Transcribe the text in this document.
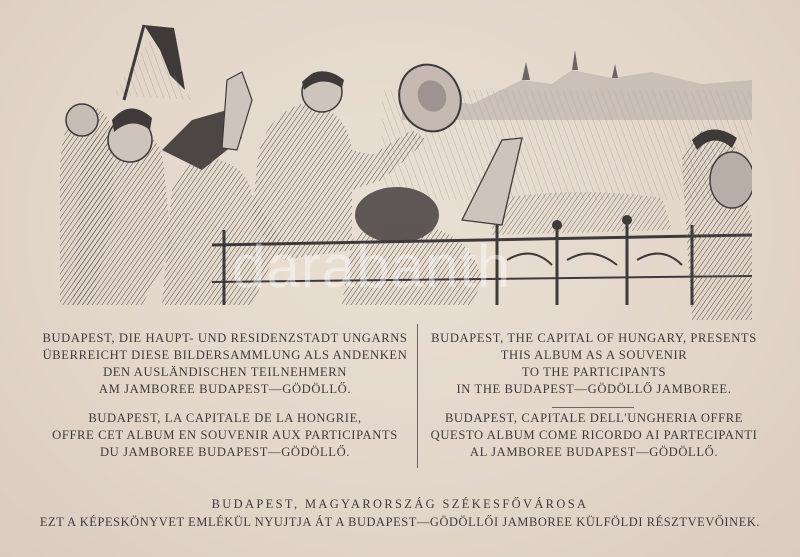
darabanth

BUDAPEST, DIE HAUPT- UND RESIDENZSTADT UNGARNS

ÜBERREICHT DIESE BILDERSAMMLUNG ALS ANDENKEN

DEN AUSLÄNDISCHEN TEILNEHMERN

AM JAMBOREE BUDAPEST—GÖDÖLLŐ.

BUDAPEST, LA CAPITALE DE LA HONGRIE,

OFFRE CET ALBUM EN SOUVENIR AUX PARTICIPANTS

DU JAMBOREE BUDAPEST—GÖDÖLLŐ.

BUDAPEST, THE CAPITAL OF HUNGARY, PRESENTS

THIS ALBUM AS A SOUVENIR

TO THE PARTICIPANTS

IN THE BUDAPEST—GÖDÖLLŐ JAMBOREE.

BUDAPEST, CAPITALE DELL'UNGHERIA OFFRE

QUESTO ALBUM COME RICORDO AI PARTECIPANTI

AL JAMBOREE BUDAPEST—GÖDÖLLŐ.

BUDAPEST, MAGYARORSZÁG SZÉKESFŐVÁROSA

EZT A KÉPESKÖNYVET EMLÉKÜL NYUJTJA ÁT A BUDAPEST—GÖDÖLLŐI JAMBOREE KÜLFÖLDI RÉSZTVEVŐINEK.
